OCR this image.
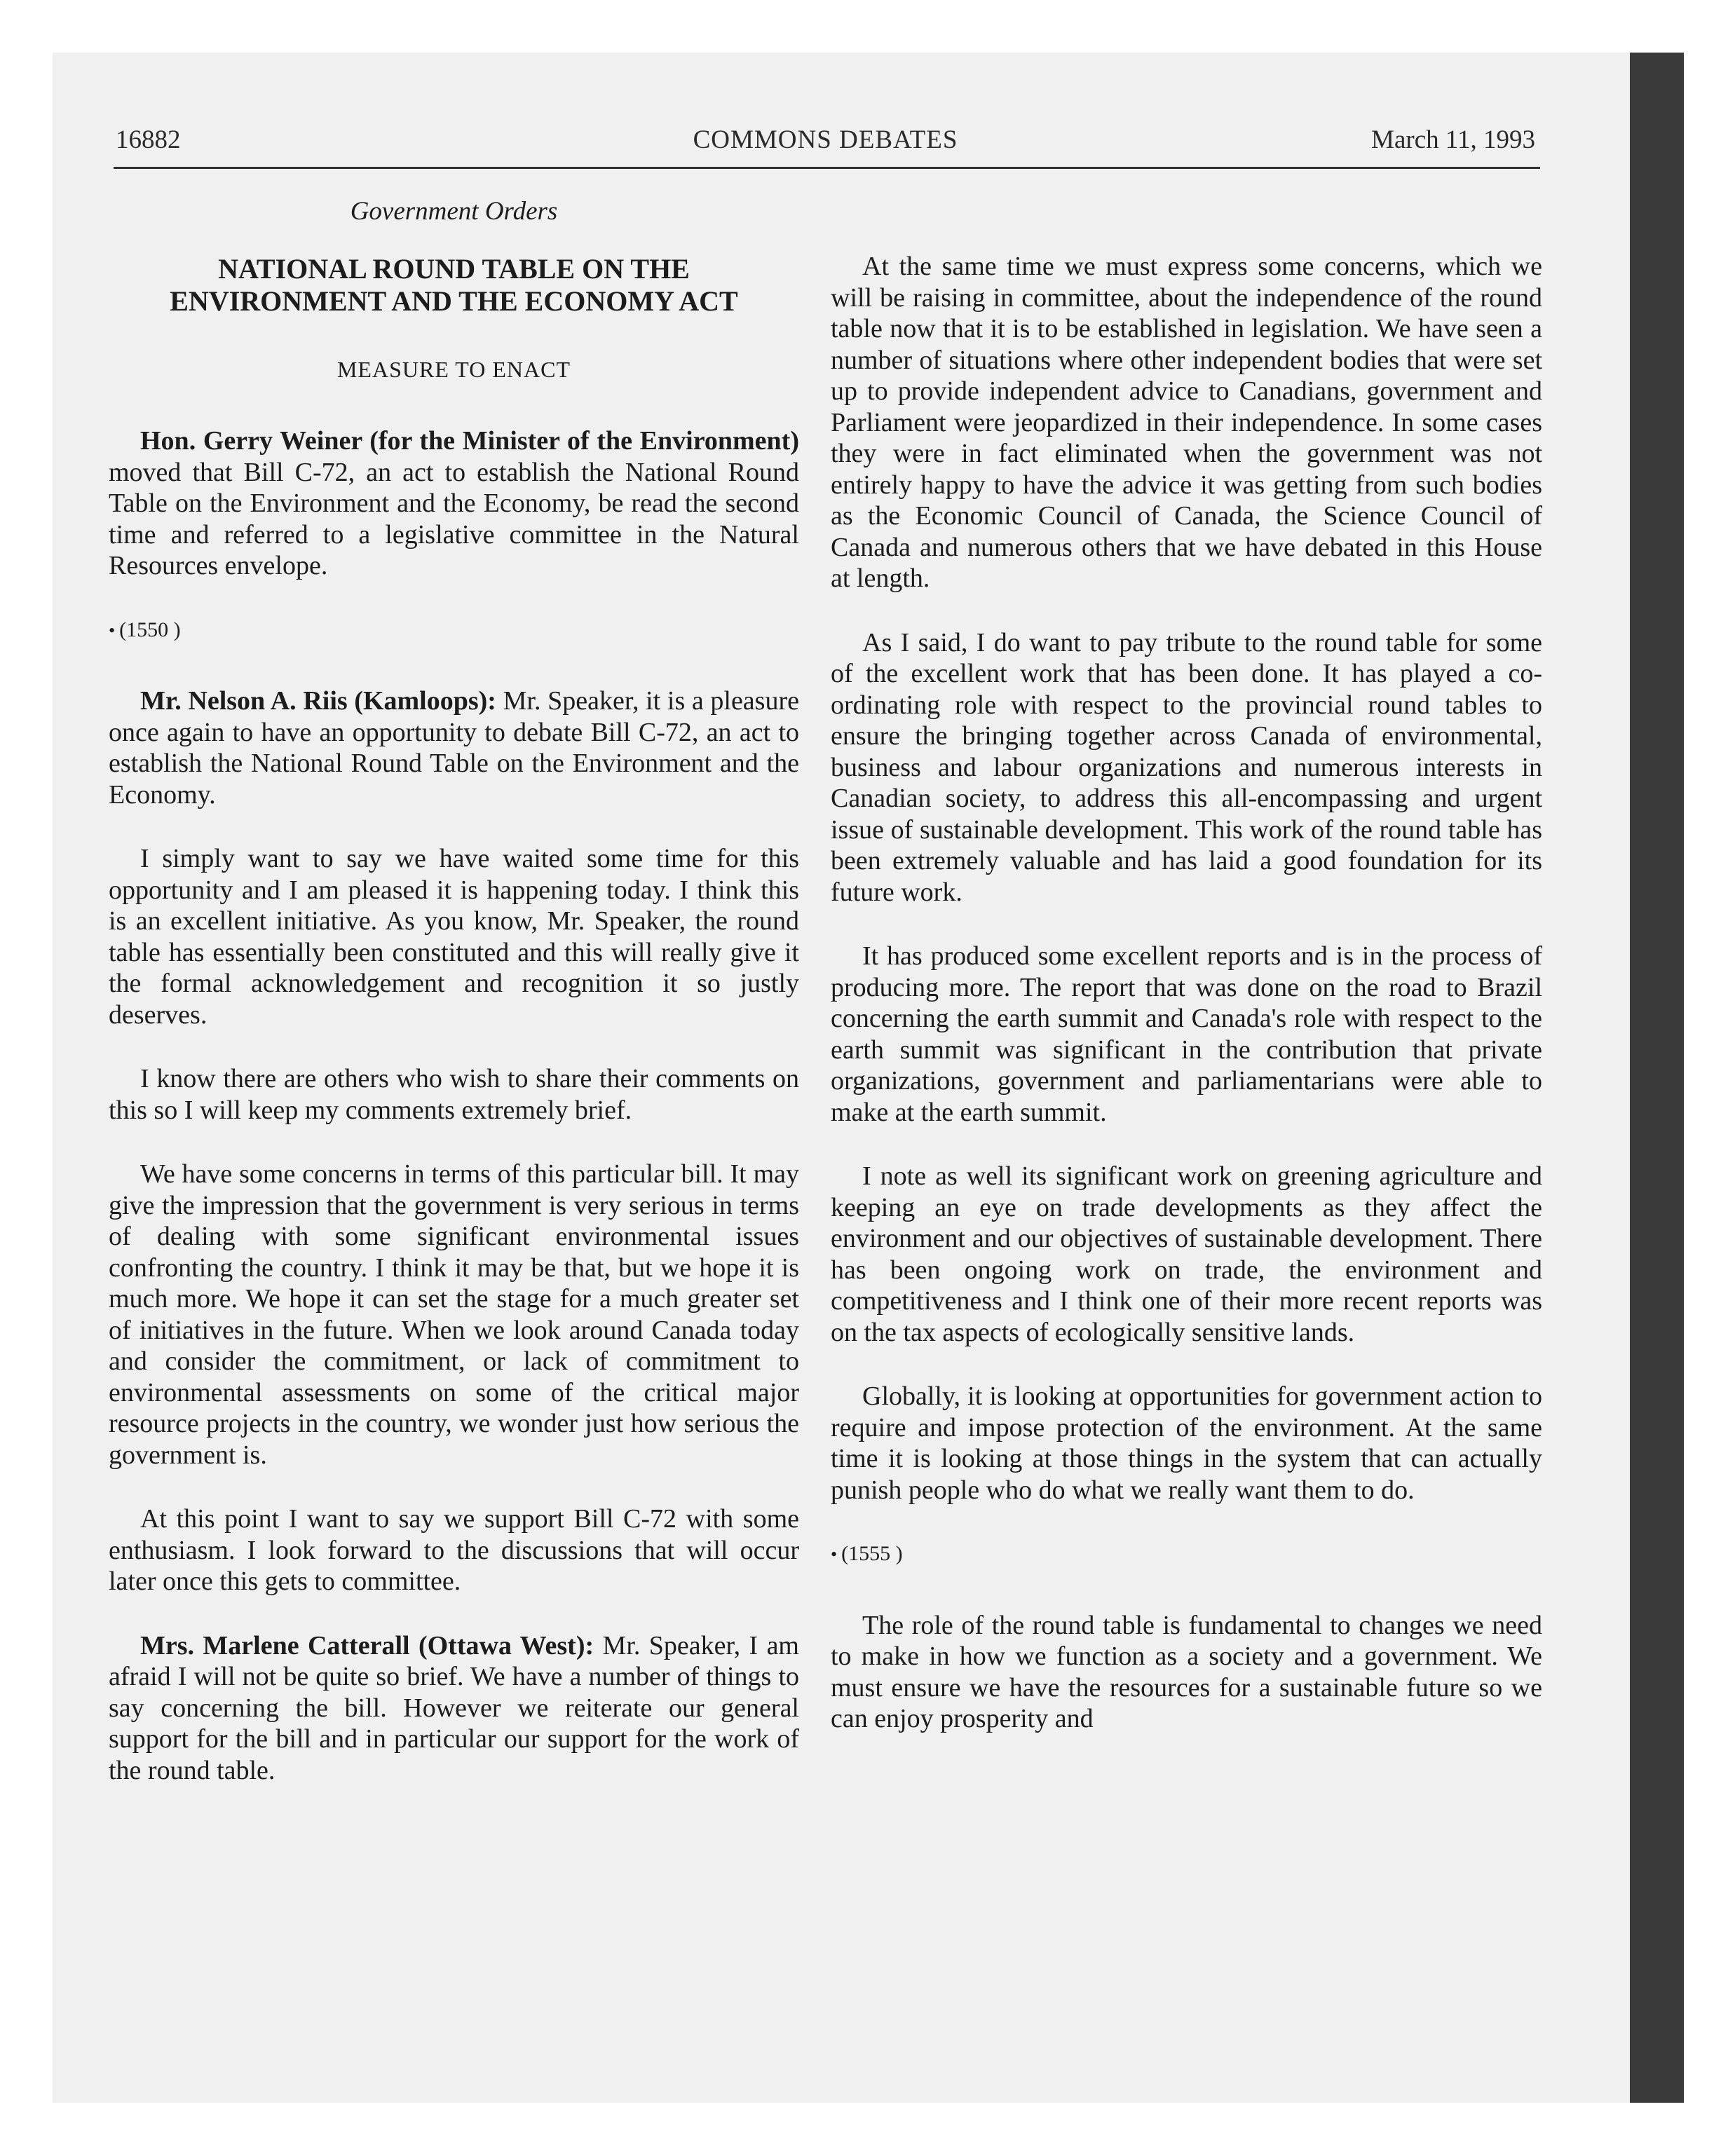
16882	COMMONS DEBATES	March 11, 1993
Government Orders
NATIONAL ROUND TABLE ON THE
ENVIRONMENT AND THE ECONOMY ACT
MEASURE TO ENACT

Hon. Gerry Weiner (for the Minister of the Environment) moved that Bill C-72, an act to establish the National Round Table on the Environment and the Economy, be read the second time and referred to a legislative committee in the Natural Resources envelope.

• (1550 )

Mr. Nelson A. Riis (Kamloops): Mr. Speaker, it is a pleasure once again to have an opportunity to debate Bill C-72, an act to establish the National Round Table on the Environment and the Economy.

I simply want to say we have waited some time for this opportunity and I am pleased it is happening today. I think this is an excellent initiative. As you know, Mr. Speaker, the round table has essentially been constituted and this will really give it the formal acknowledgement and recognition it so justly deserves.

I know there are others who wish to share their comments on this so I will keep my comments extremely brief.

We have some concerns in terms of this particular bill. It may give the impression that the government is very serious in terms of dealing with some significant environmental issues confronting the country. I think it may be that, but we hope it is much more. We hope it can set the stage for a much greater set of initiatives in the future. When we look around Canada today and consider the commitment, or lack of commitment to environmental assessments on some of the critical major resource projects in the country, we wonder just how serious the government is.

At this point I want to say we support Bill C-72 with some enthusiasm. I look forward to the discussions that will occur later once this gets to committee.

Mrs. Marlene Catterall (Ottawa West): Mr. Speaker, I am afraid I will not be quite so brief. We have a number of things to say concerning the bill. However we reiterate our general support for the bill and in particular our support for the work of the round table.

At the same time we must express some concerns, which we will be raising in committee, about the independence of the round table now that it is to be established in legislation. We have seen a number of situations where other independent bodies that were set up to provide independent advice to Canadians, government and Parliament were jeopardized in their independence. In some cases they were in fact eliminated when the government was not entirely happy to have the advice it was getting from such bodies as the Economic Council of Canada, the Science Council of Canada and numerous others that we have debated in this House at length.

As I said, I do want to pay tribute to the round table for some of the excellent work that has been done. It has played a co-ordinating role with respect to the provincial round tables to ensure the bringing together across Canada of environmental, business and labour organizations and numerous interests in Canadian society, to address this all-encompassing and urgent issue of sustainable development. This work of the round table has been extremely valuable and has laid a good foundation for its future work.

It has produced some excellent reports and is in the process of producing more. The report that was done on the road to Brazil concerning the earth summit and Canada's role with respect to the earth summit was significant in the contribution that private organizations, government and parliamentarians were able to make at the earth summit.

I note as well its significant work on greening agriculture and keeping an eye on trade developments as they affect the environment and our objectives of sustainable development. There has been ongoing work on trade, the environment and competitiveness and I think one of their more recent reports was on the tax aspects of ecologically sensitive lands.

Globally, it is looking at opportunities for government action to require and impose protection of the environment. At the same time it is looking at those things in the system that can actually punish people who do what we really want them to do.

• (1555 )

The role of the round table is fundamental to changes we need to make in how we function as a society and a government. We must ensure we have the resources for a sustainable future so we can enjoy prosperity and
